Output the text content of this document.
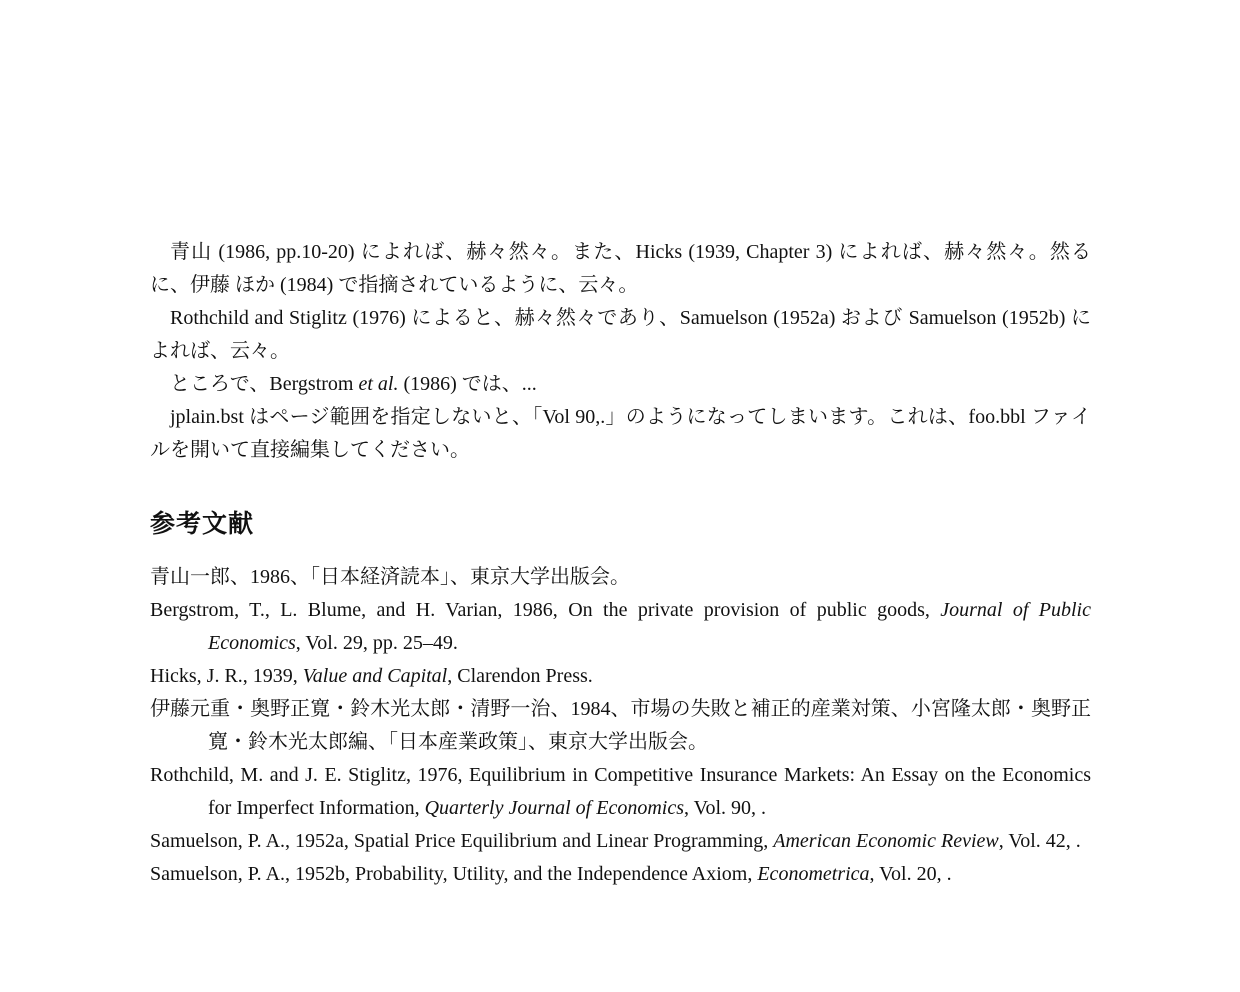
青山 (1986, pp.10-20) によれば、赫々然々。また、Hicks (1939, Chapter 3) によれば、赫々然々。然るに、伊藤 ほか (1984) で指摘されているように、云々。

Rothchild and Stiglitz (1976) によると、赫々然々であり、Samuelson (1952a) および Samuelson (1952b) によれば、云々。

ところで、Bergstrom et al. (1986) では、...

jplain.bst はページ範囲を指定しないと、「Vol 90,.」のようになってしまいます。これは、foo.bbl ファイルを開いて直接編集してください。

参考文献

青山一郎、1986、「日本経済読本」、東京大学出版会。

Bergstrom, T., L. Blume, and H. Varian, 1986, On the private provision of public goods, Journal of Public Economics, Vol. 29, pp. 25–49.

Hicks, J. R., 1939, Value and Capital, Clarendon Press.

伊藤元重・奥野正寛・鈴木光太郎・清野一治、1984、市場の失敗と補正的産業対策、小宮隆太郎・奥野正寛・鈴木光太郎編、「日本産業政策」、東京大学出版会。

Rothchild, M. and J. E. Stiglitz, 1976, Equilibrium in Competitive Insurance Markets: An Essay on the Economics for Imperfect Information, Quarterly Journal of Economics, Vol. 90, .

Samuelson, P. A., 1952a, Spatial Price Equilibrium and Linear Programming, American Economic Review, Vol. 42, .

Samuelson, P. A., 1952b, Probability, Utility, and the Independence Axiom, Econometrica, Vol. 20, .
